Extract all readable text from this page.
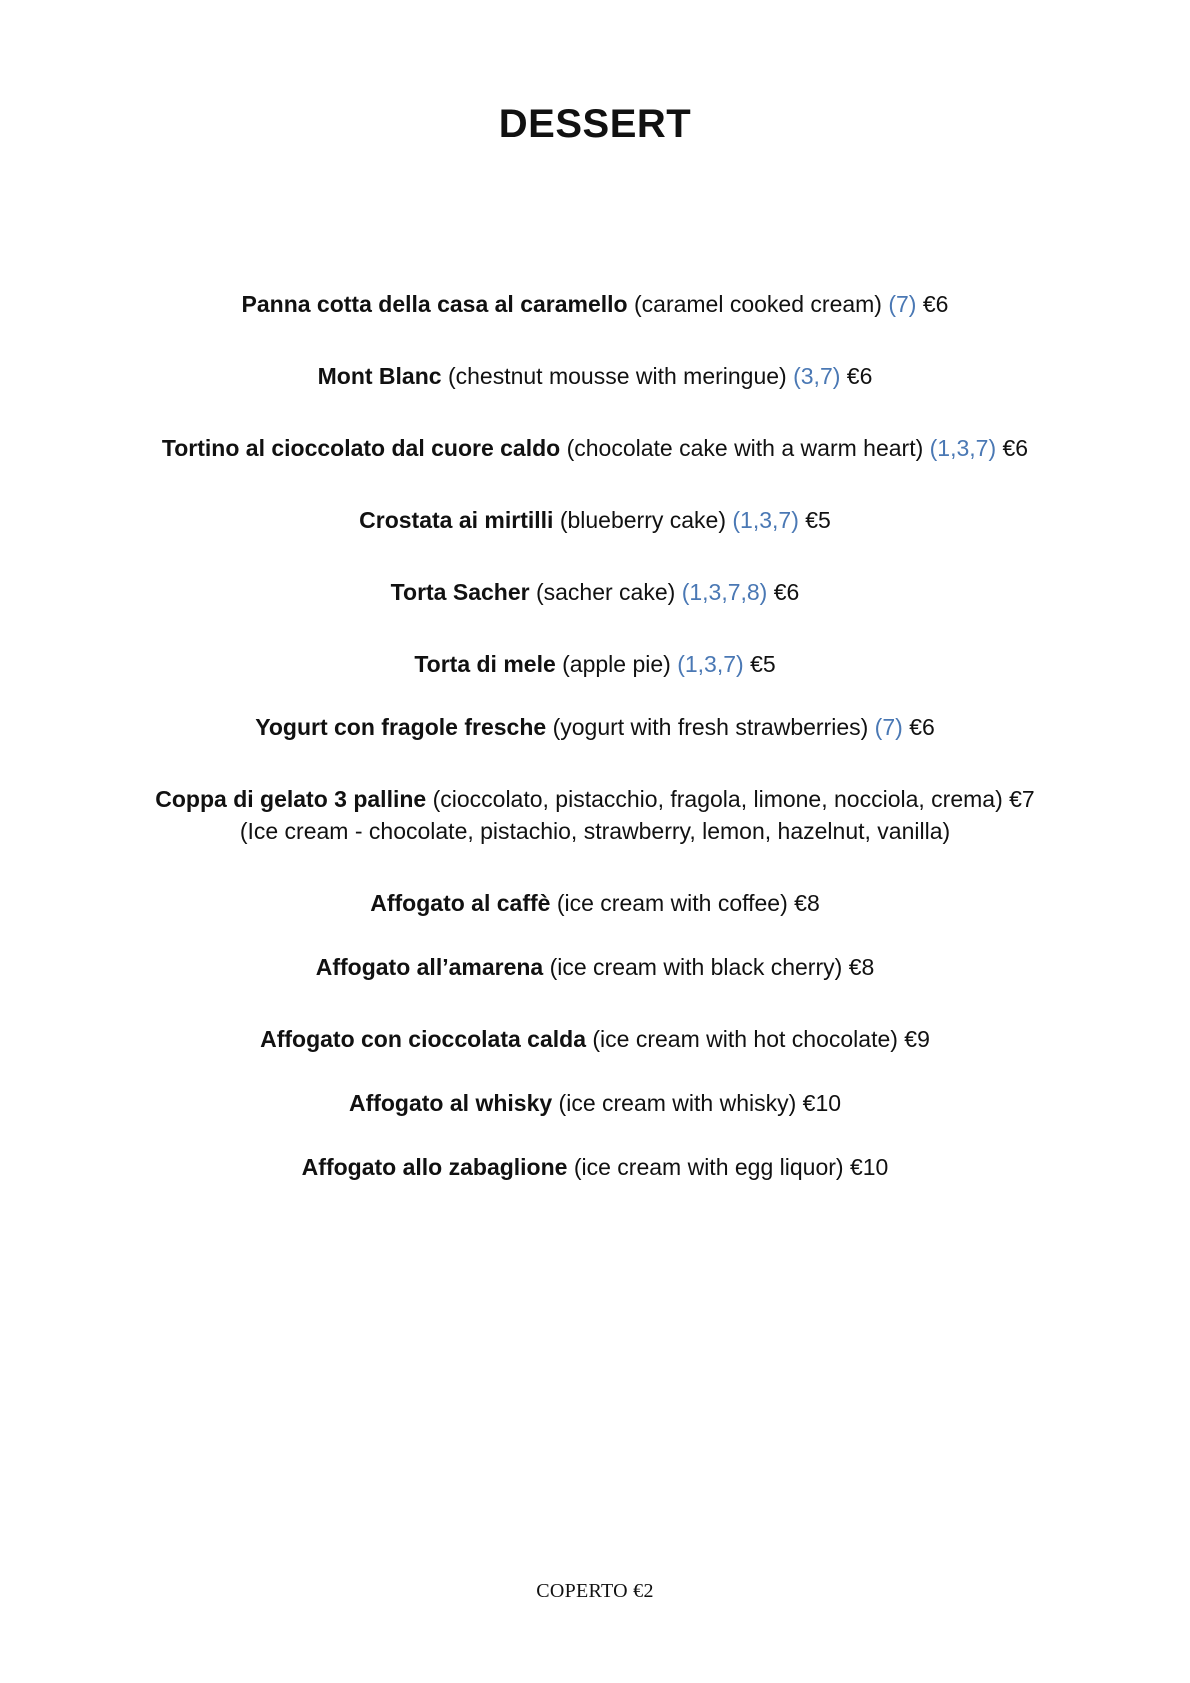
DESSERT
Panna cotta della casa al caramello (caramel cooked cream) (7) €6
Mont Blanc (chestnut mousse with meringue) (3,7) €6
Tortino al cioccolato dal cuore caldo (chocolate cake with a warm heart) (1,3,7) €6
Crostata ai mirtilli (blueberry cake) (1,3,7) €5
Torta Sacher (sacher cake) (1,3,7,8) €6
Torta di mele (apple pie) (1,3,7) €5
Yogurt con fragole fresche (yogurt with fresh strawberries) (7) €6
Coppa di gelato 3 palline (cioccolato, pistacchio, fragola, limone, nocciola, crema) €7
(Ice cream - chocolate, pistachio, strawberry, lemon, hazelnut, vanilla)
Affogato al caffè (ice cream with coffee) €8
Affogato all’amarena (ice cream with black cherry) €8
Affogato con cioccolata calda (ice cream with hot chocolate) €9
Affogato al whisky (ice cream with whisky) €10
Affogato allo zabaglione (ice cream with egg liquor) €10
COPERTO €2
